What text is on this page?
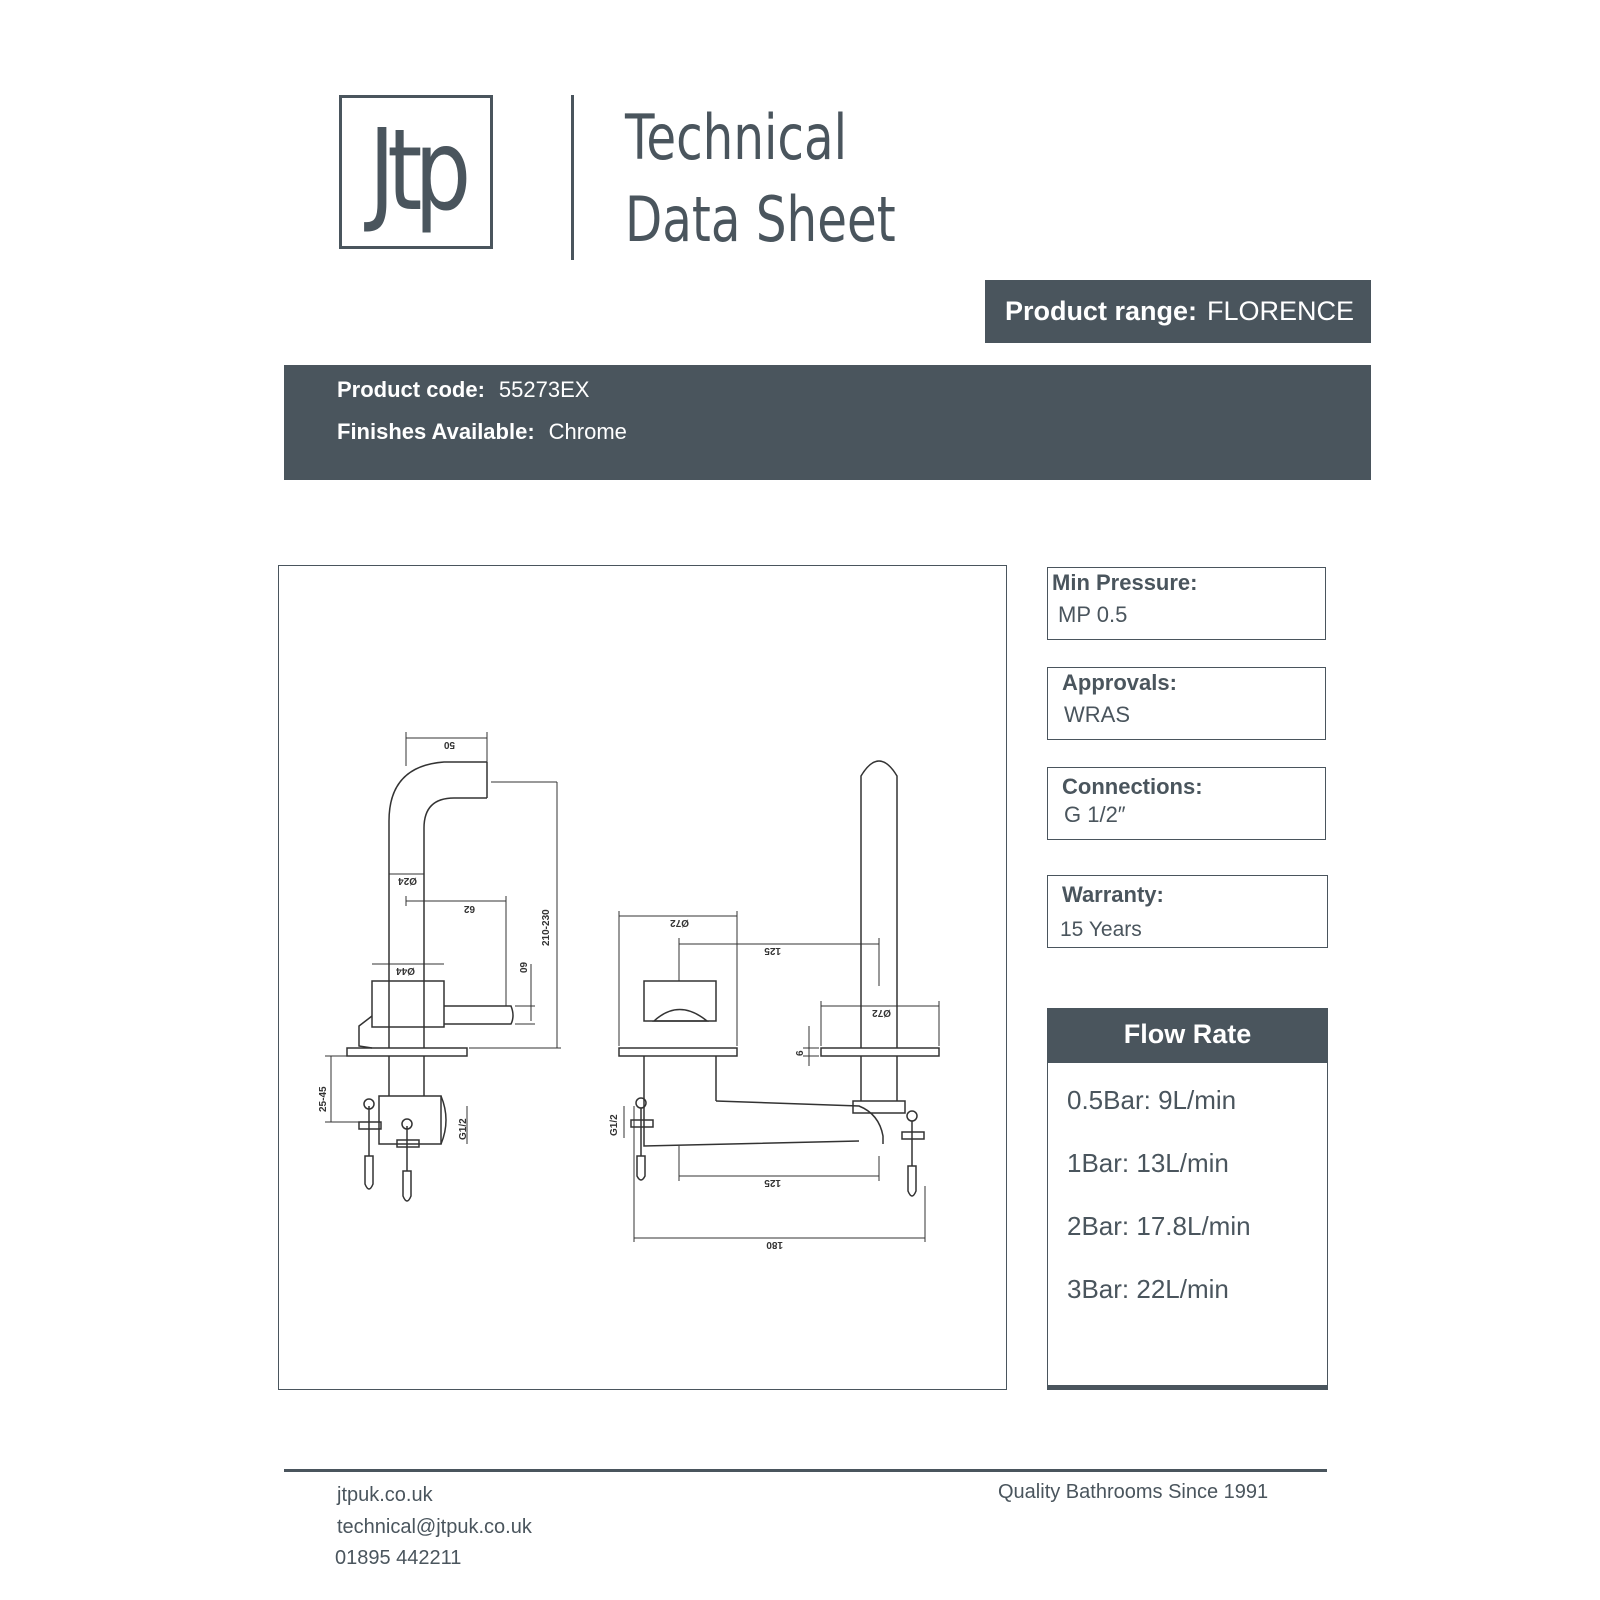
Jtp	Technical
Data Sheet
Product range: FLORENCE
Product code: 55273EX
Finishes Available: Chrome
50
210-230
Ø24
62
Ø44	60
25-45
G1/2
Ø72
125
Ø72
6
G1/2
125
180
Min Pressure:
MP 0.5
Approvals:
WRAS
Connections:
G 1/2″
Warranty:
15 Years
Flow Rate
0.5Bar: 9L/min
1Bar: 13L/min
2Bar: 17.8L/min
3Bar: 22L/min
jtpuk.co.uk
technical@jtpuk.co.uk
01895 442211
Quality Bathrooms Since 1991
